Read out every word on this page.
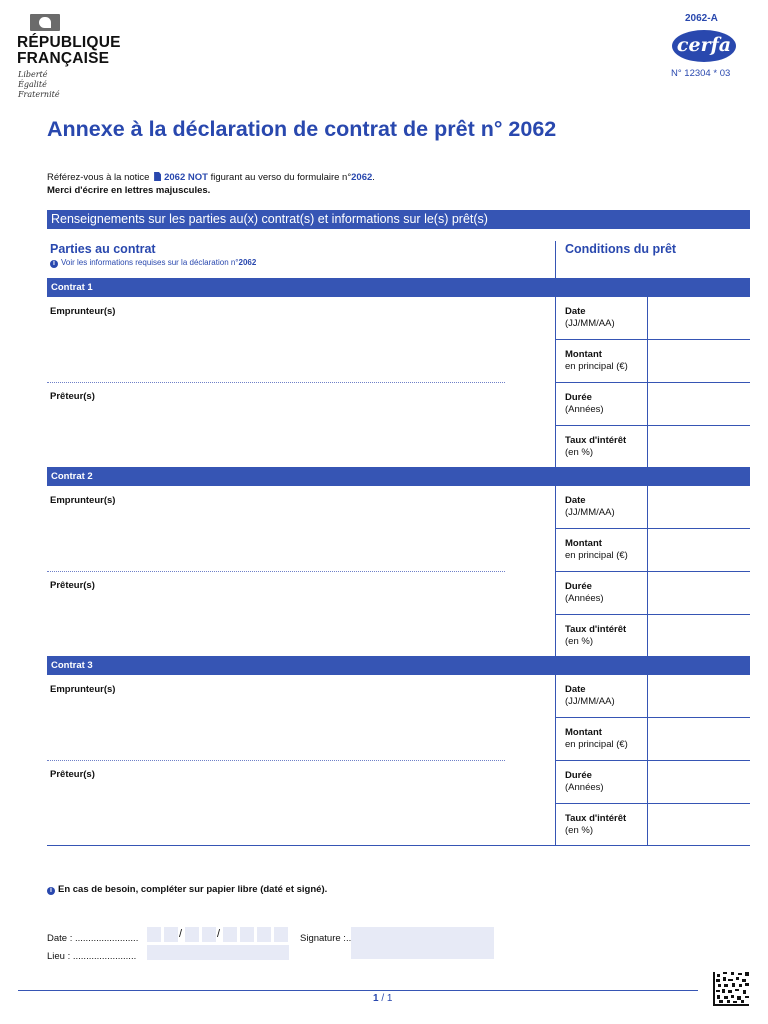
RÉPUBLIQUE
FRANÇAISE
Liberté
Égalité
Fraternité
2062-A
cerfa
N° 12304 * 03
Annexe à la déclaration de contrat de prêt n° 2062
Référez-vous à la notice 2062 NOT figurant au verso du formulaire n°2062.
Merci d'écrire en lettres majuscules.
Renseignements sur les parties au(x) contrat(s) et informations sur le(s) prêt(s)
Parties au contrat
i Voir les informations requises sur la déclaration n°2062
Conditions du prêt
Contrat 1
Emprunteur(s)
Prêteur(s)
Date
(JJ/MM/AA)
Montant
en principal (€)
Durée
(Années)
Taux d'intérêt
(en %)
Contrat 2
Emprunteur(s)
Prêteur(s)
Date
(JJ/MM/AA)
Montant
en principal (€)
Durée
(Années)
Taux d'intérêt
(en %)
Contrat 3
Emprunteur(s)
Prêteur(s)
Date
(JJ/MM/AA)
Montant
en principal (€)
Durée
(Années)
Taux d'intérêt
(en %)
i En cas de besoin, compléter sur papier libre (daté et signé).
Date : ........................	/	/	Signature :..
Lieu : ........................
1 / 1
